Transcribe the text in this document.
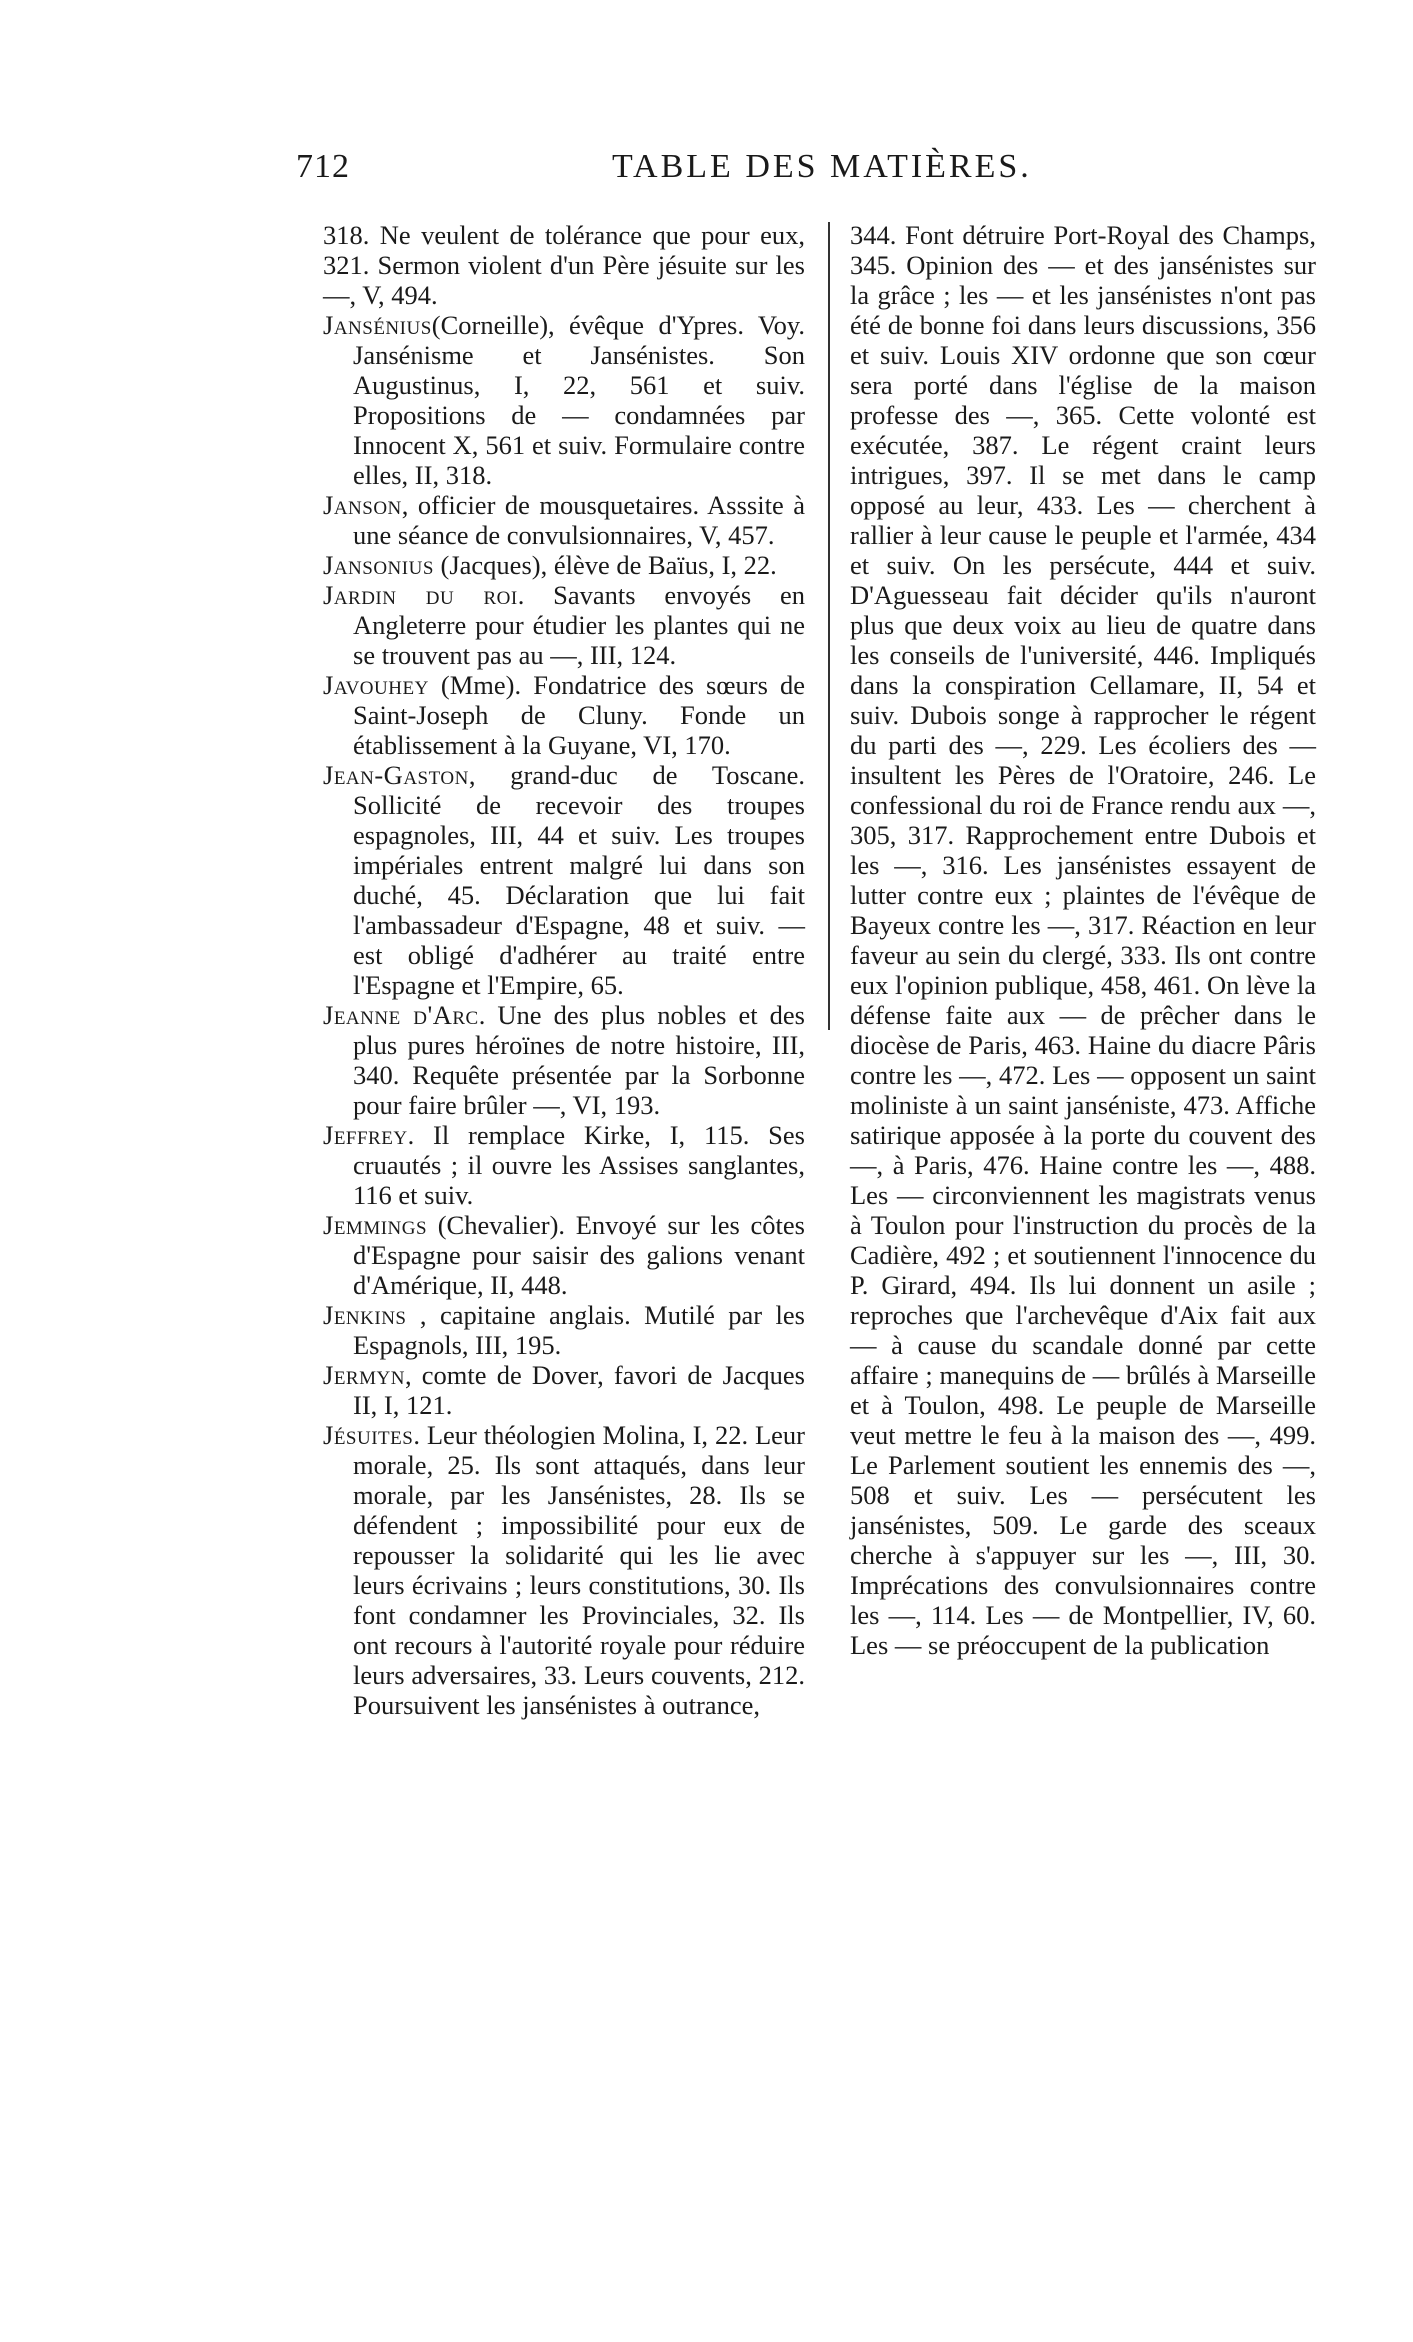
712	TABLE DES MATIÈRES.

318. Ne veulent de tolérance que pour eux, 321. Sermon violent d'un Père jésuite sur les —, V, 494.

Jansénius(Corneille), évêque d'Ypres. Voy. Jansénisme et Jansénistes. Son Augustinus, I, 22, 561 et suiv. Propositions de — condamnées par Innocent X, 561 et suiv. Formulaire contre elles, II, 318.

Janson, officier de mousquetaires. Asssite à une séance de convulsionnaires, V, 457.

Jansonius (Jacques), élève de Baïus, I, 22.

Jardin du roi. Savants envoyés en Angleterre pour étudier les plantes qui ne se trouvent pas au —, III, 124.

Javouhey (Mme). Fondatrice des sœurs de Saint-Joseph de Cluny. Fonde un établissement à la Guyane, VI, 170.

Jean-Gaston, grand-duc de Toscane. Sollicité de recevoir des troupes espagnoles, III, 44 et suiv. Les troupes impériales entrent malgré lui dans son duché, 45. Déclaration que lui fait l'ambassadeur d'Espagne, 48 et suiv. — est obligé d'adhérer au traité entre l'Espagne et l'Empire, 65.

Jeanne d'Arc. Une des plus nobles et des plus pures héroïnes de notre histoire, III, 340. Requête présentée par la Sorbonne pour faire brûler —, VI, 193.

Jeffrey. Il remplace Kirke, I, 115. Ses cruautés ; il ouvre les Assises sanglantes, 116 et suiv.

Jemmings (Chevalier). Envoyé sur les côtes d'Espagne pour saisir des galions venant d'Amérique, II, 448.

Jenkins , capitaine anglais. Mutilé par les Espagnols, III, 195.

Jermyn, comte de Dover, favori de Jacques II, I, 121.

Jésuites. Leur théologien Molina, I, 22. Leur morale, 25. Ils sont attaqués, dans leur morale, par les Jansénistes, 28. Ils se défendent ; impossibilité pour eux de repousser la solidarité qui les lie avec leurs écrivains ; leurs constitutions, 30. Ils font condamner les Provinciales, 32. Ils ont recours à l'autorité royale pour réduire leurs adversaires, 33. Leurs couvents, 212. Poursuivent les jansénistes à outrance,

344. Font détruire Port-Royal des Champs, 345. Opinion des — et des jansénistes sur la grâce ; les — et les jansénistes n'ont pas été de bonne foi dans leurs discussions, 356 et suiv. Louis XIV ordonne que son cœur sera porté dans l'église de la maison professe des —, 365. Cette volonté est exécutée, 387. Le régent craint leurs intrigues, 397. Il se met dans le camp opposé au leur, 433. Les — cherchent à rallier à leur cause le peuple et l'armée, 434 et suiv. On les persécute, 444 et suiv. D'Aguesseau fait décider qu'ils n'auront plus que deux voix au lieu de quatre dans les conseils de l'université, 446. Impliqués dans la conspiration Cellamare, II, 54 et suiv. Dubois songe à rapprocher le régent du parti des —, 229. Les écoliers des — insultent les Pères de l'Oratoire, 246. Le confessional du roi de France rendu aux —, 305, 317. Rapprochement entre Dubois et les —, 316. Les jansénistes essayent de lutter contre eux ; plaintes de l'évêque de Bayeux contre les —, 317. Réaction en leur faveur au sein du clergé, 333. Ils ont contre eux l'opinion publique, 458, 461. On lève la défense faite aux — de prêcher dans le diocèse de Paris, 463. Haine du diacre Pâris contre les —, 472. Les — opposent un saint moliniste à un saint janséniste, 473. Affiche satirique apposée à la porte du couvent des —, à Paris, 476. Haine contre les —, 488. Les — circonviennent les magistrats venus à Toulon pour l'instruction du procès de la Cadière, 492 ; et soutiennent l'innocence du P. Girard, 494. Ils lui donnent un asile ; reproches que l'archevêque d'Aix fait aux — à cause du scandale donné par cette affaire ; manequins de — brûlés à Marseille et à Toulon, 498. Le peuple de Marseille veut mettre le feu à la maison des —, 499. Le Parlement soutient les ennemis des —, 508 et suiv. Les — persécutent les jansénistes, 509. Le garde des sceaux cherche à s'appuyer sur les —, III, 30. Imprécations des convulsionnaires contre les —, 114. Les — de Montpellier, IV, 60. Les — se préoccupent de la publication
